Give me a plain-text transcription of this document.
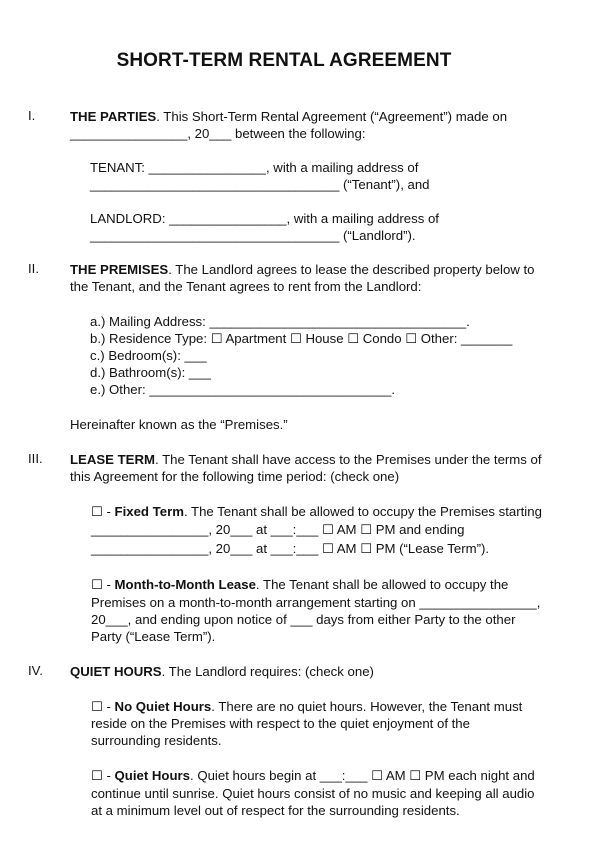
SHORT-TERM RENTAL AGREEMENT
I.	THE PARTIES. This Short-Term Rental Agreement (“Agreement”) made on
________________, 20___ between the following:
TENANT: ________________, with a mailing address of
__________________________________ (“Tenant”), and
LANDLORD: ________________, with a mailing address of
__________________________________ (“Landlord”).
II. THE PREMISES. The Landlord agrees to lease the described property below to
the Tenant, and the Tenant agrees to rent from the Landlord:
a.) Mailing Address: ___________________________________.
b.) Residence Type: ☐ Apartment ☐ House ☐ Condo ☐ Other: _______
c.) Bedroom(s): ___
d.) Bathroom(s): ___
e.) Other: _________________________________.
Hereinafter known as the “Premises.”
III. LEASE TERM. The Tenant shall have access to the Premises under the terms of
this Agreement for the following time period: (check one)
☐ - Fixed Term. The Tenant shall be allowed to occupy the Premises starting
________________, 20___ at ___:___ ☐ AM ☐ PM and ending
________________, 20___ at ___:___ ☐ AM ☐ PM (“Lease Term”).
☐ - Month-to-Month Lease. The Tenant shall be allowed to occupy the
Premises on a month-to-month arrangement starting on ________________,
20___, and ending upon notice of ___ days from either Party to the other
Party (“Lease Term”).
IV. QUIET HOURS. The Landlord requires: (check one)
☐ - No Quiet Hours. There are no quiet hours. However, the Tenant must
reside on the Premises with respect to the quiet enjoyment of the
surrounding residents.
☐ - Quiet Hours. Quiet hours begin at ___:___ ☐ AM ☐ PM each night and
continue until sunrise. Quiet hours consist of no music and keeping all audio
at a minimum level out of respect for the surrounding residents.
